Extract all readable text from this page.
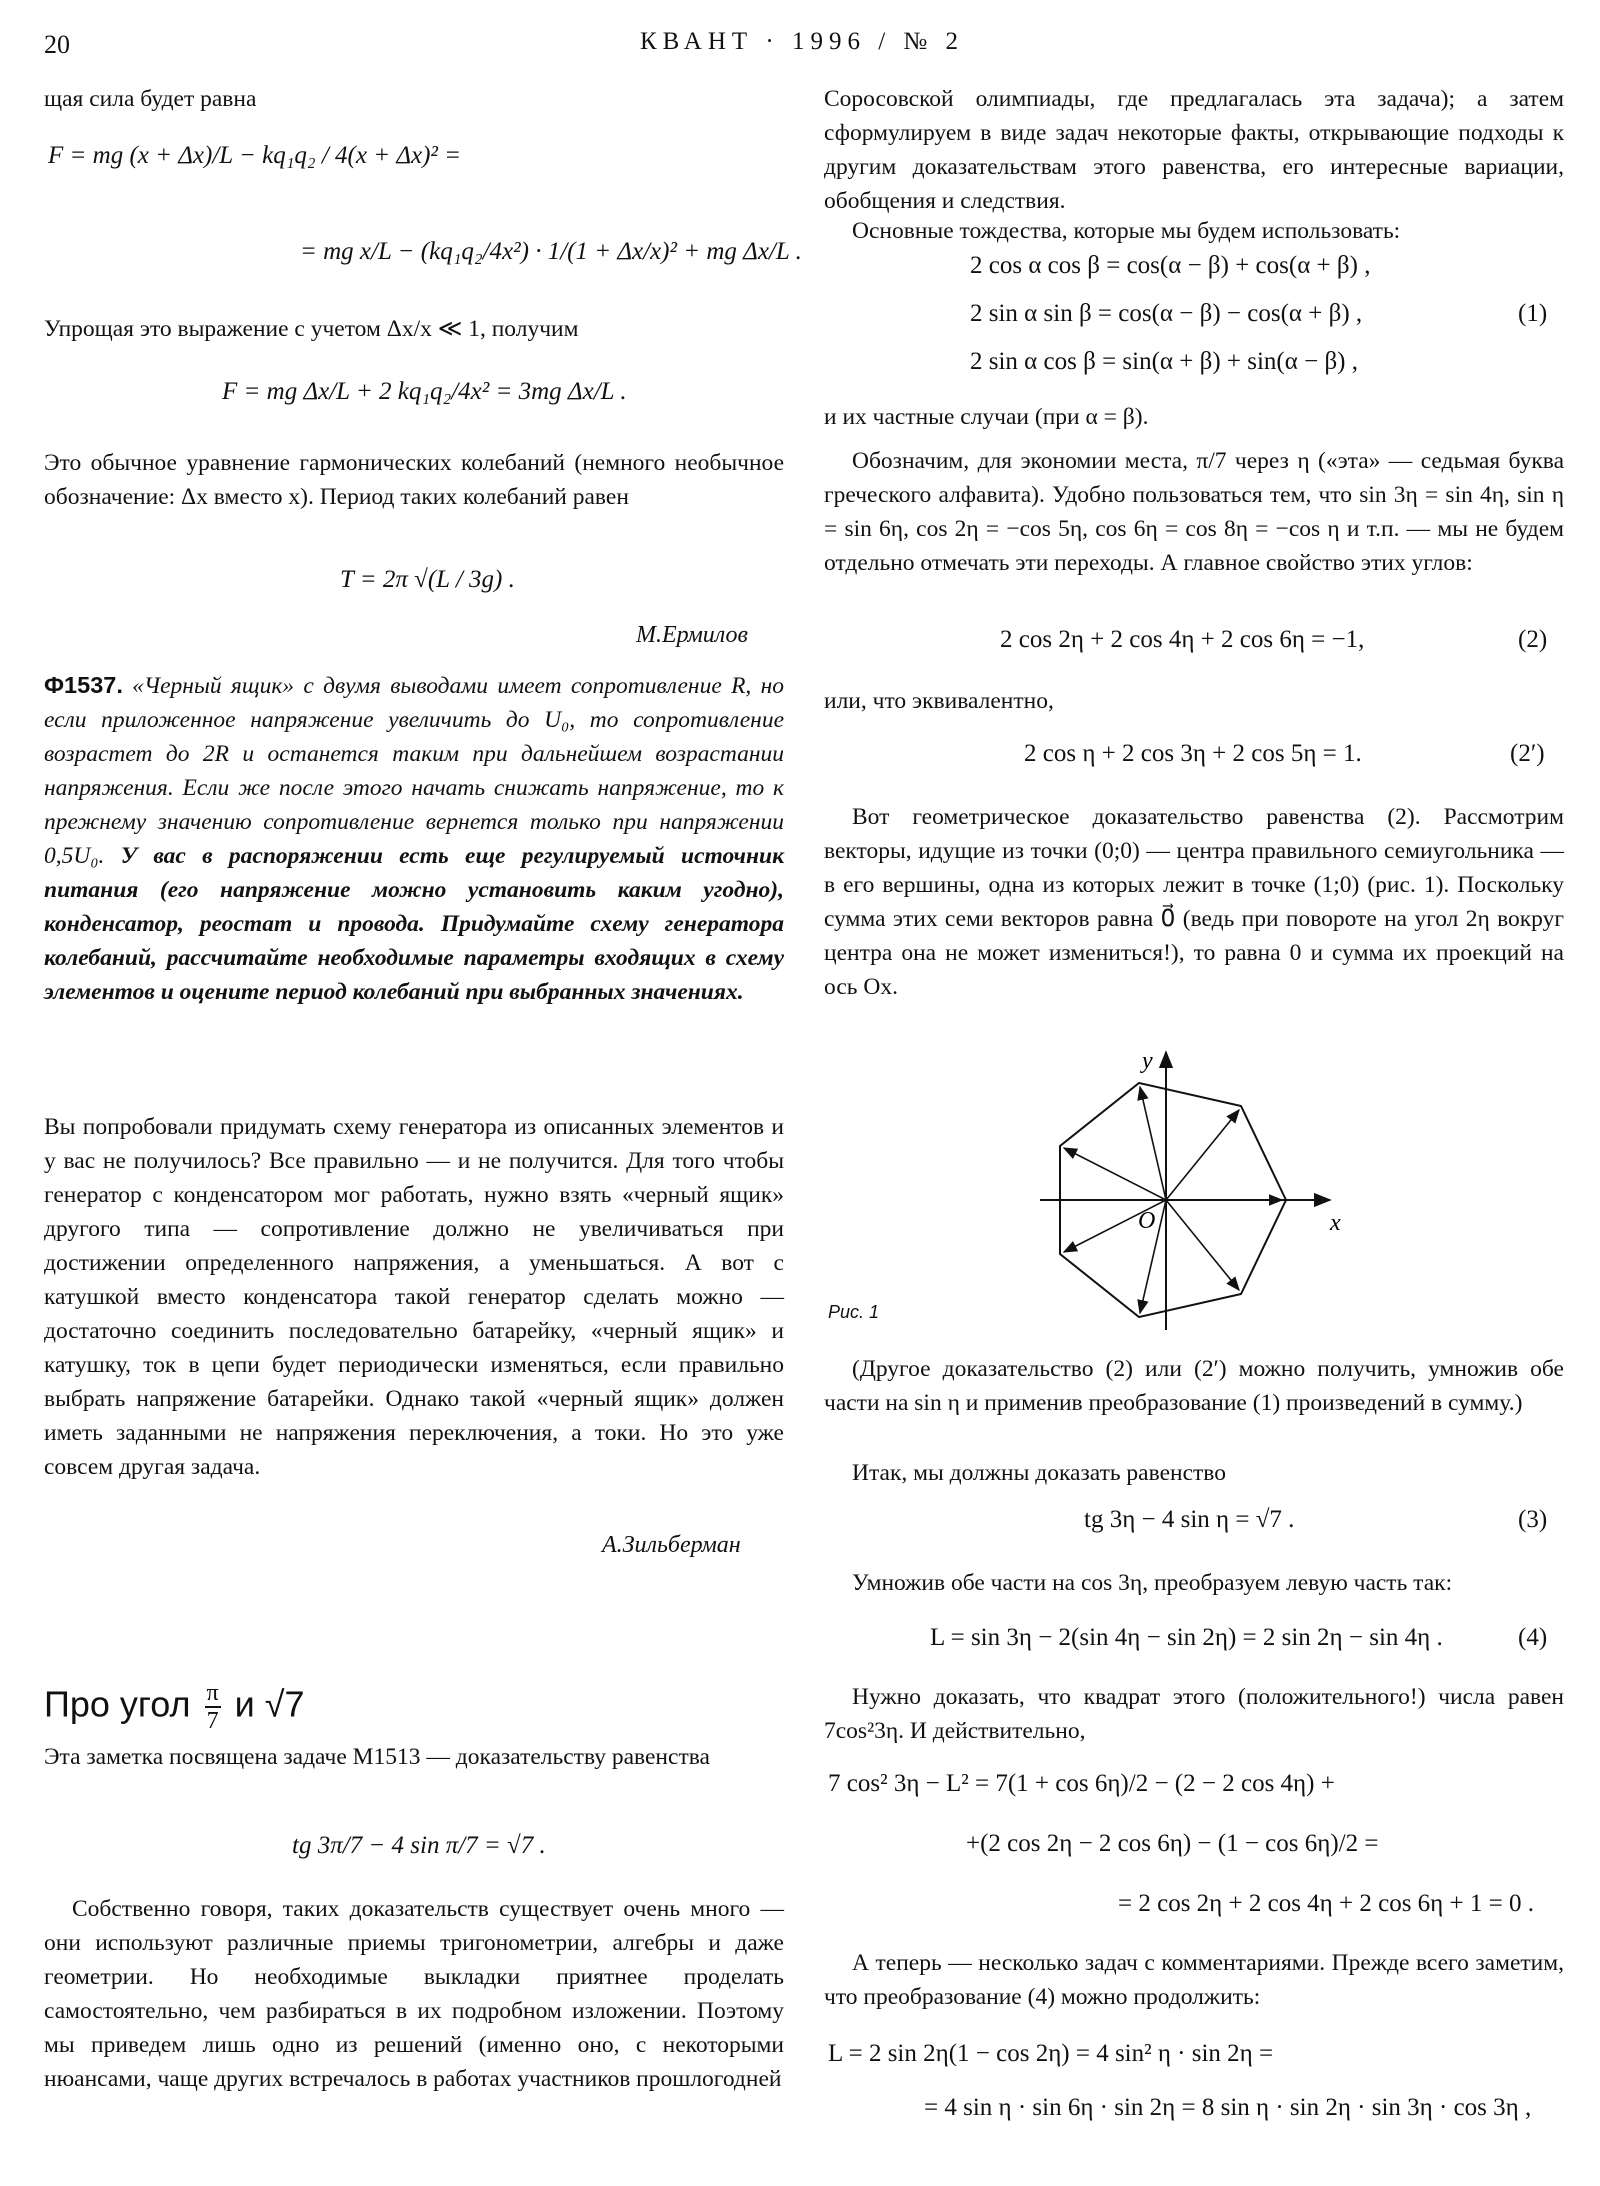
20	КВАНТ · 1996 / № 2

щая сила будет равна

F = mg (x + Δx)/L − kq₁q₂ / 4(x + Δx)² =
= mg x/L − (kq₁q₂/4x²) · 1/(1 + Δx/x)² + mg Δx/L .

Упрощая это выражение с учетом Δx/x ≪ 1, получим

F = mg Δx/L + 2 kq₁q₂/4x² = 3mg Δx/L .

Это обычное уравнение гармонических колебаний (немного необычное обозначение: Δx вместо x). Период таких колебаний равен

T = 2π √(L / 3g) .
М.Ермилов
Ф1537. «Черный ящик» с двумя выводами имеет сопротивление R, но если приложенное напряжение увеличить до U₀, то сопротивление возрастет до 2R и останется таким при дальнейшем возрастании напряжения. Если же после этого начать снижать напряжение, то к прежнему значению сопротивление вернется только при напряжении 0,5U₀. У вас в распоряжении есть еще регулируемый источник питания (его напряжение можно установить каким угодно), конденсатор, реостат и провода. Придумайте схему генератора колебаний, рассчитайте необходимые параметры входящих в схему элементов и оцените период колебаний при выбранных значениях.

Вы попробовали придумать схему генератора из описанных элементов и у вас не получилось? Все правильно — и не получится. Для того чтобы генератор с конденсатором мог работать, нужно взять «черный ящик» другого типа — сопротивление должно не увеличиваться при достижении определенного напряжения, а уменьшаться. А вот с катушкой вместо конденсатора такой генератор сделать можно — достаточно соединить последовательно батарейку, «черный ящик» и катушку, ток в цепи будет периодически изменяться, если правильно выбрать напряжение батарейки. Однако такой «черный ящик» должен иметь заданными не напряжения переключения, а токи. Но это уже совсем другая задача.

А.Зильберман
Про угол $\frac{\pi}{7}$ и √7

Эта заметка посвящена задаче М1513 — доказательству равенства

tg 3π/7 − 4 sin π/7 = √7 .

Собственно говоря, таких доказательств существует очень много — они используют различные приемы тригонометрии, алгебры и даже геометрии. Но необходимые выкладки приятнее проделать самостоятельно, чем разбираться в их подробном изложении. Поэтому мы приведем лишь одно из решений (именно оно, с некоторыми нюансами, чаще других встречалось в работах участников прошлогодней

Соросовской олимпиады, где предлагалась эта задача); а затем сформулируем в виде задач некоторые факты, открывающие подходы к другим доказательствам этого равенства, его интересные вариации, обобщения и следствия.

Основные тождества, которые мы будем использовать:

2 cos α cos β = cos(α − β) + cos(α + β) ,
2 sin α sin β = cos(α − β) − cos(α + β) ,
2 sin α cos β = sin(α + β) + sin(α − β) ,
(1)

и их частные случаи (при α = β).

Обозначим, для экономии места, π/7 через η («эта» — седьмая буква греческого алфавита). Удобно пользоваться тем, что sin 3η = sin 4η, sin η = sin 6η, cos 2η = −cos 5η, cos 6η = cos 8η = −cos η и т.п. — мы не будем отдельно отмечать эти переходы. А главное свойство этих углов:

2 cos 2η + 2 cos 4η + 2 cos 6η = −1,	(2)

или, что эквивалентно,

2 cos η + 2 cos 3η + 2 cos 5η = 1.	(2′)

Вот геометрическое доказательство равенства (2). Рассмотрим векторы, идущие из точки (0;0) — центра правильного семиугольника — в его вершины, одна из которых лежит в точке (1;0) (рис. 1). Поскольку сумма этих семи векторов равна 0⃗ (ведь при повороте на угол 2η вокруг центра она не может измениться!), то равна 0 и сумма их проекций на ось Ox.

y
x
O
Рис. 1

(Другое доказательство (2) или (2′) можно получить, умножив обе части на sin η и применив преобразование (1) произведений в сумму.)

Итак, мы должны доказать равенство

tg 3η − 4 sin η = √7 .	(3)

Умножив обе части на cos 3η, преобразуем левую часть так:

L = sin 3η − 2(sin 4η − sin 2η) = 2 sin 2η − sin 4η .	(4)

Нужно доказать, что квадрат этого (положительного!) числа равен 7cos²3η. И действительно,

7 cos² 3η − L² = 7(1 + cos 6η)/2 − (2 − 2 cos 4η) +
+(2 cos 2η − 2 cos 6η) − (1 − cos 6η)/2 =
= 2 cos 2η + 2 cos 4η + 2 cos 6η + 1 = 0 .

А теперь — несколько задач с комментариями. Прежде всего заметим, что преобразование (4) можно продолжить:

L = 2 sin 2η(1 − cos 2η) = 4 sin² η · sin 2η =
= 4 sin η · sin 6η · sin 2η = 8 sin η · sin 2η · sin 3η · cos 3η ,
